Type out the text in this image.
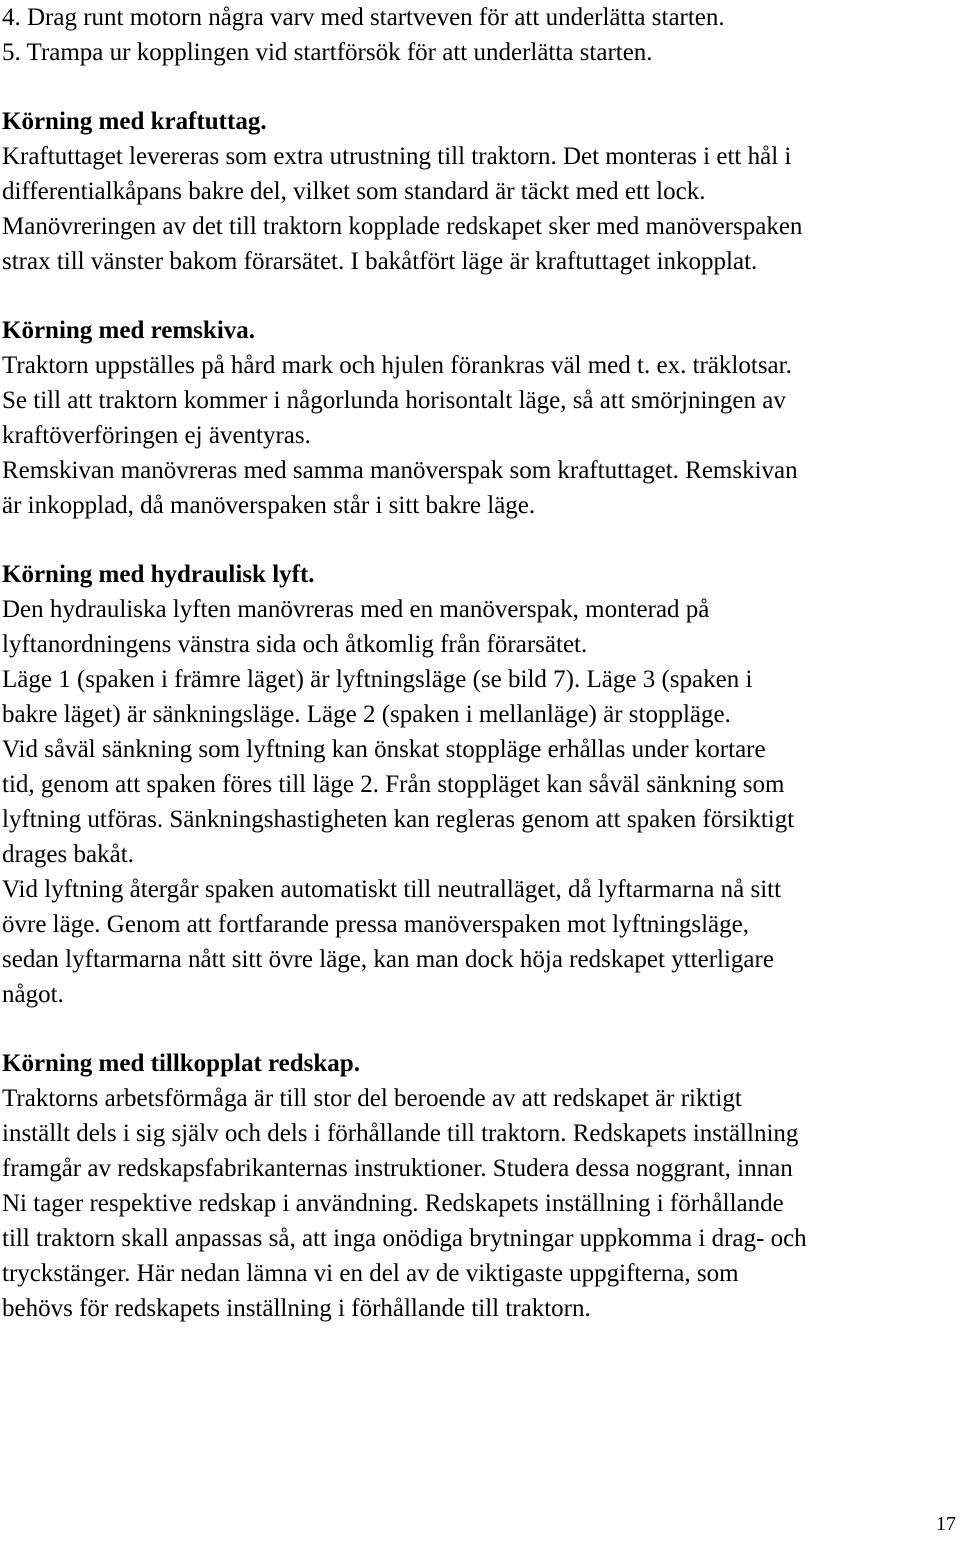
4. Drag runt motorn några varv med startveven för att underlätta starten.
5. Trampa ur kopplingen vid startförsök för att underlätta starten.
Körning med kraftuttag.
Kraftuttaget levereras som extra utrustning till traktorn. Det monteras i ett hål i
differentialkåpans bakre del, vilket som standard är täckt med ett lock.
Manövreringen av det till traktorn kopplade redskapet sker med manöverspaken
strax till vänster bakom förarsätet. I bakåtfört läge är kraftuttaget inkopplat.
Körning med remskiva.
Traktorn uppställes på hård mark och hjulen förankras väl med t. ex. träklotsar.
Se till att traktorn kommer i någorlunda horisontalt läge, så att smörjningen av
kraftöverföringen ej äventyras.
Remskivan manövreras med samma manöverspak som kraftuttaget. Remskivan
är inkopplad, då manöverspaken står i sitt bakre läge.
Körning med hydraulisk lyft.
Den hydrauliska lyften manövreras med en manöverspak, monterad på
lyftanordningens vänstra sida och åtkomlig från förarsätet.
Läge 1 (spaken i främre läget) är lyftningsläge (se bild 7). Läge 3 (spaken i
bakre läget) är sänkningsläge. Läge 2 (spaken i mellanläge) är stoppläge.
Vid såväl sänkning som lyftning kan önskat stoppläge erhållas under kortare
tid, genom att spaken föres till läge 2. Från stoppläget kan såväl sänkning som
lyftning utföras. Sänkningshastigheten kan regleras genom att spaken försiktigt
drages bakåt.
Vid lyftning återgår spaken automatiskt till neutralläget, då lyftarmarna nå sitt
övre läge. Genom att fortfarande pressa manöverspaken mot lyftningsläge,
sedan lyftarmarna nått sitt övre läge, kan man dock höja redskapet ytterligare
något.
Körning med tillkopplat redskap.
Traktorns arbetsförmåga är till stor del beroende av att redskapet är riktigt
inställt dels i sig själv och dels i förhållande till traktorn. Redskapets inställning
framgår av redskapsfabrikanternas instruktioner. Studera dessa noggrant, innan
Ni tager respektive redskap i användning. Redskapets inställning i förhållande
till traktorn skall anpassas så, att inga onödiga brytningar uppkomma i drag- och
tryckstänger. Här nedan lämna vi en del av de viktigaste uppgifterna, som
behövs för redskapets inställning i förhållande till traktorn.
17
